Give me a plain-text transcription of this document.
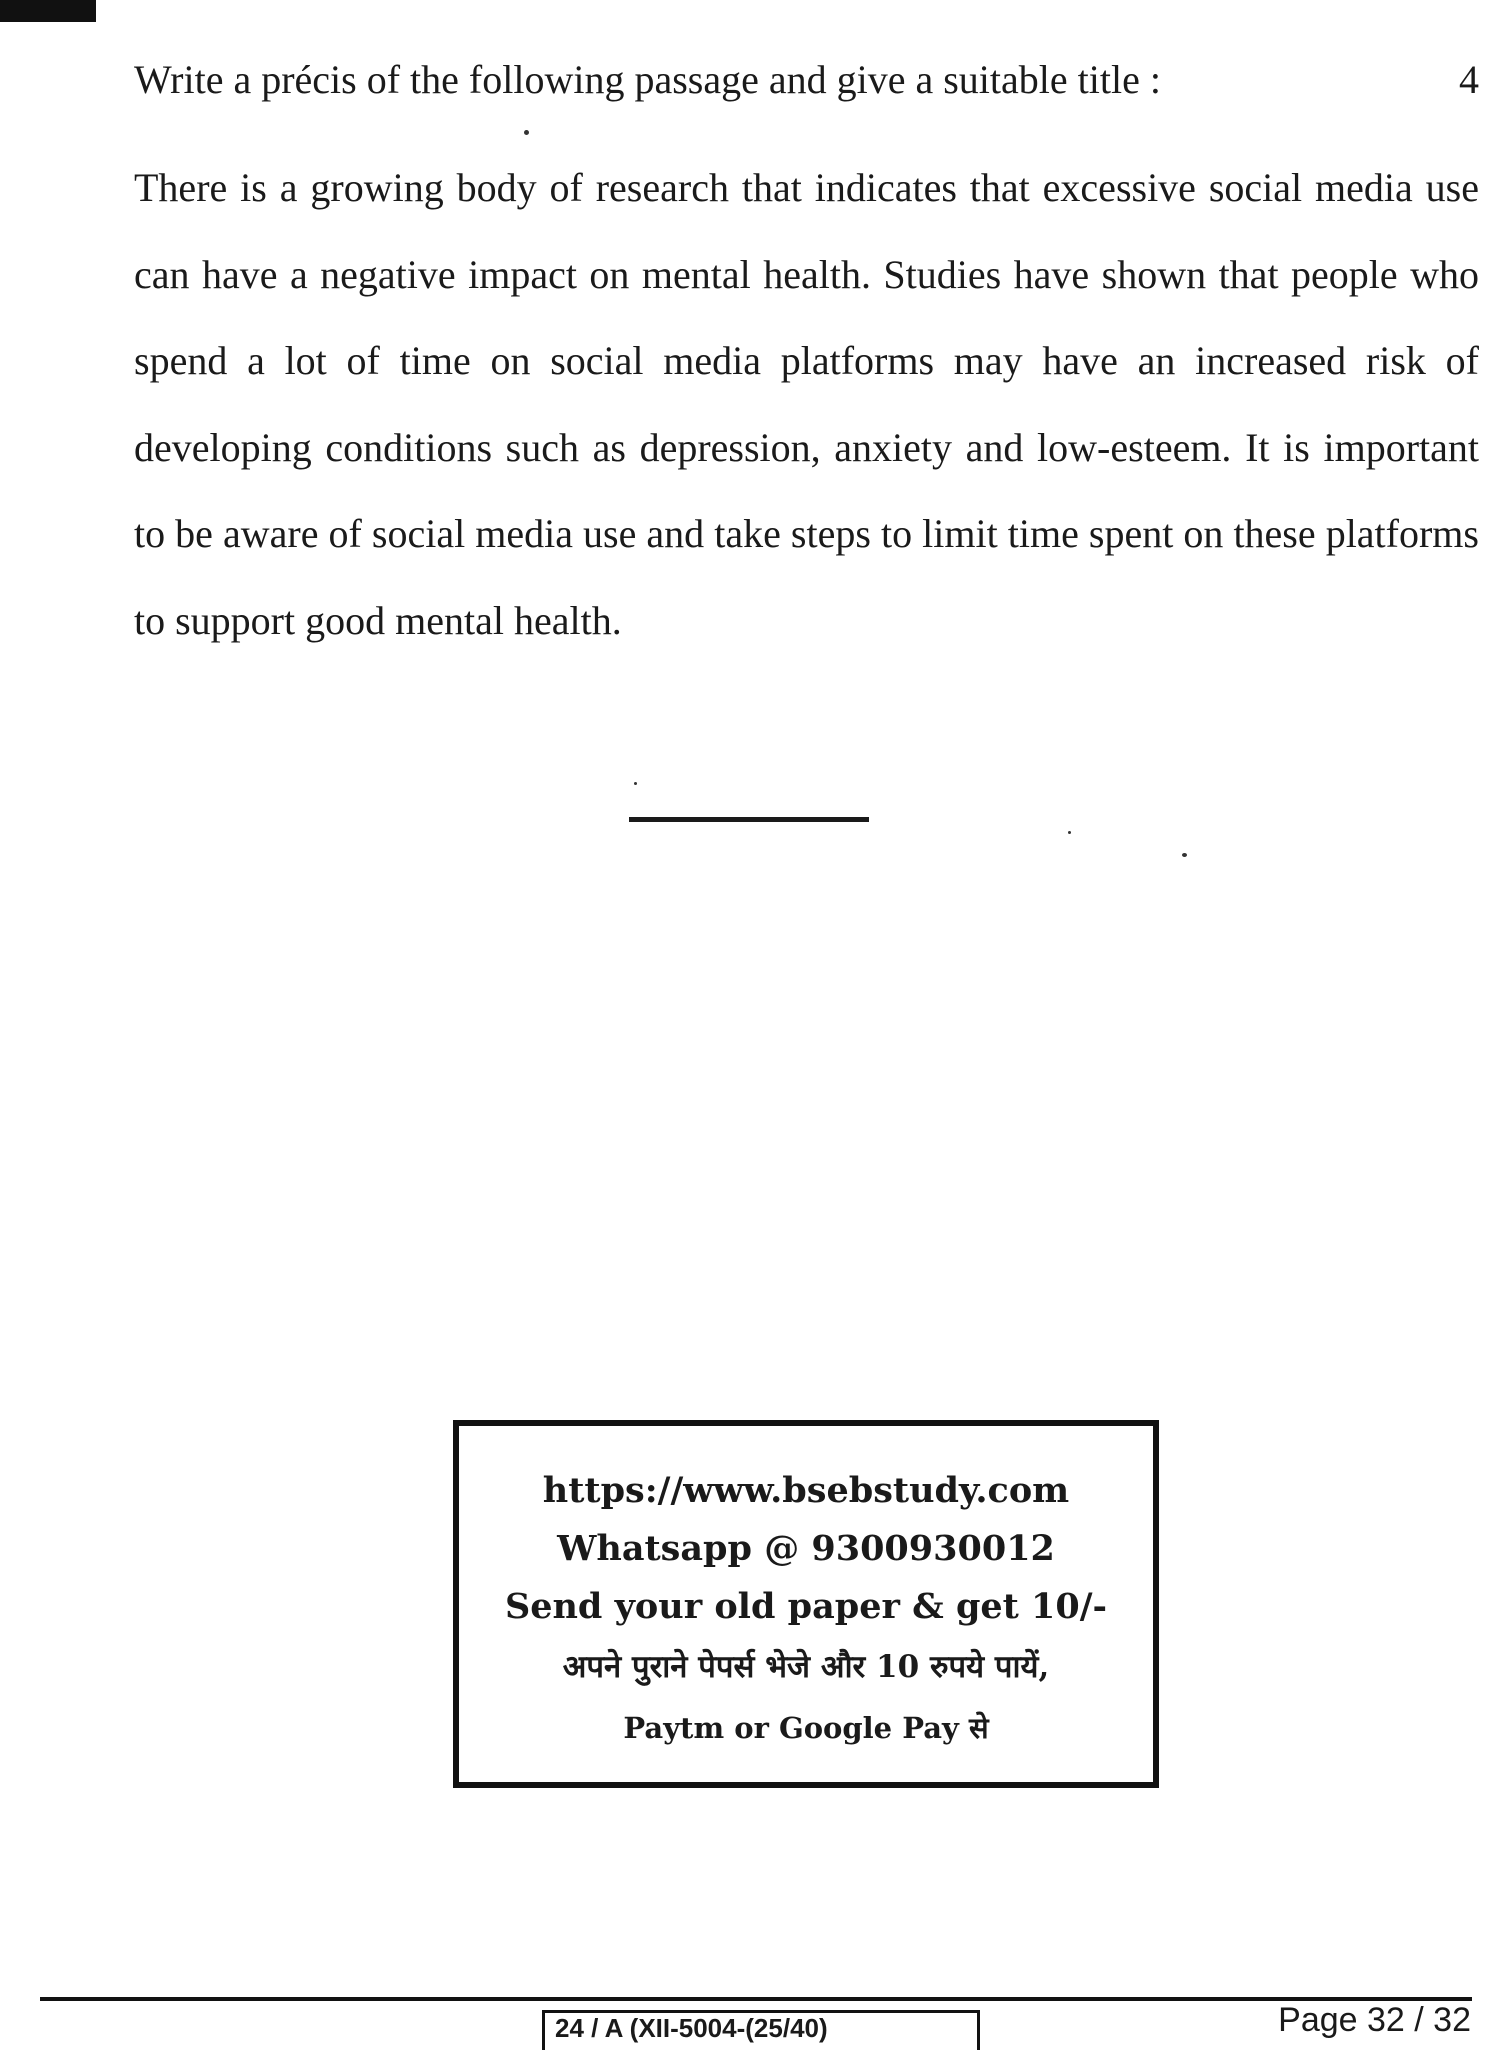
Write a précis of the following passage and give a suitable title :	4

There is a growing body of research that indicates that excessive social media use can have a negative impact on mental health. Studies have shown that people who spend a lot of time on social media platforms may have an increased risk of developing conditions such as depression, anxiety and low-esteem. It is important to be aware of social media use and take steps to limit time spent on these platforms to support good mental health.

https://www.bsebstudy.com
Whatsapp @ 9300930012
Send your old paper & get 10/-
अपने पुराने पेपर्स भेजे और 10 रुपये पायें,
Paytm or Google Pay से
24 / A (XII-5004-(25/40)	Page 32 / 32
